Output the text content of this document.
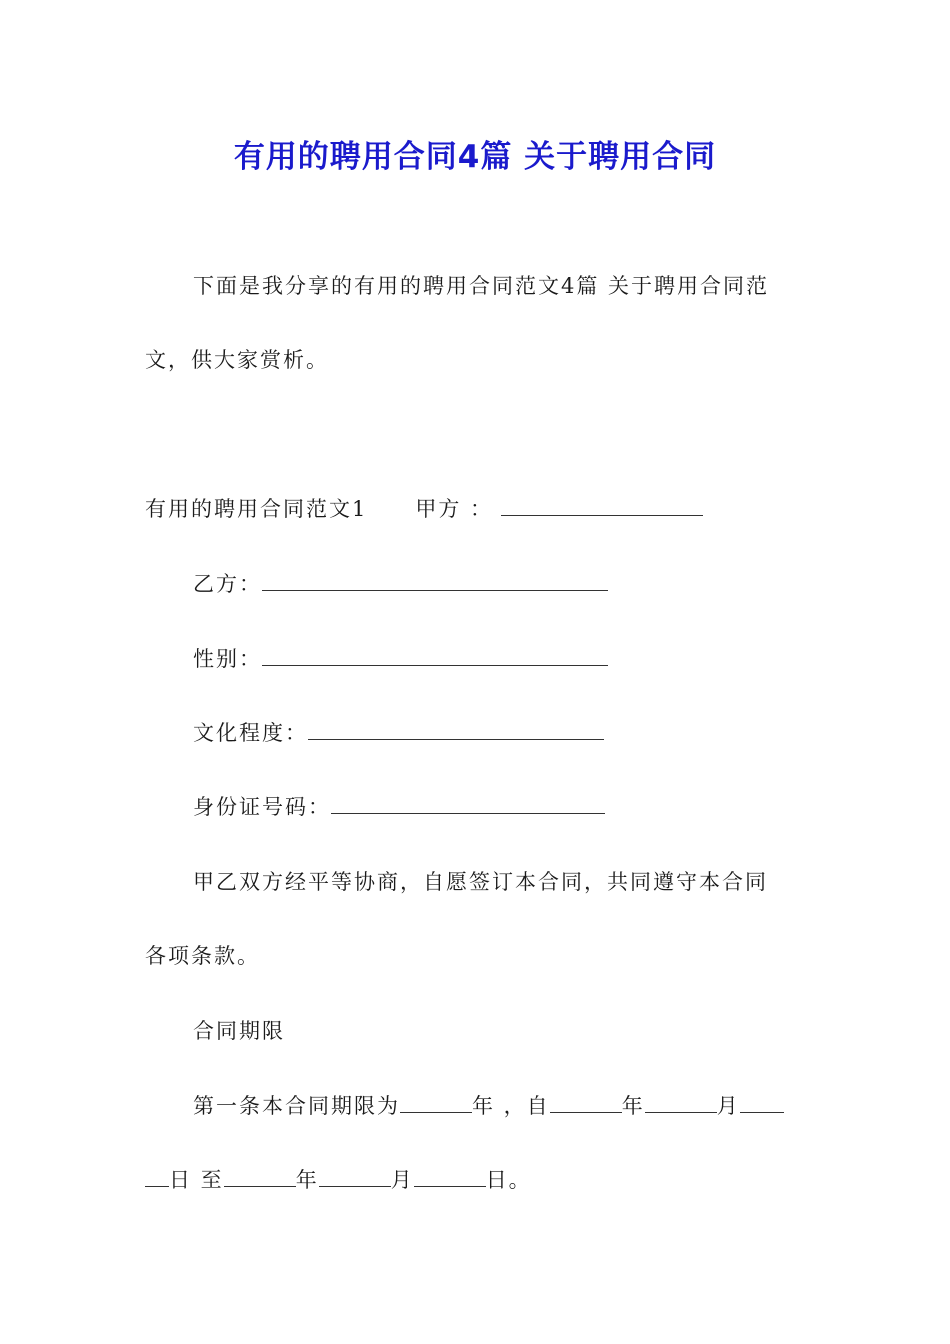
有用的聘用合同4篇 关于聘用合同
下面是我分享的有用的聘用合同范文4篇 关于聘用合同范
文，供大家赏析。
有用的聘用合同范文1 甲方 ：
乙方：
性别：
文化程度：
身份证号码：
甲乙双方经平等协商，自愿签订本合同，共同遵守本合同
各项条款。
合同期限
第一条本合同期限为	年 ，自	年	月
日 至	年	月	日。
